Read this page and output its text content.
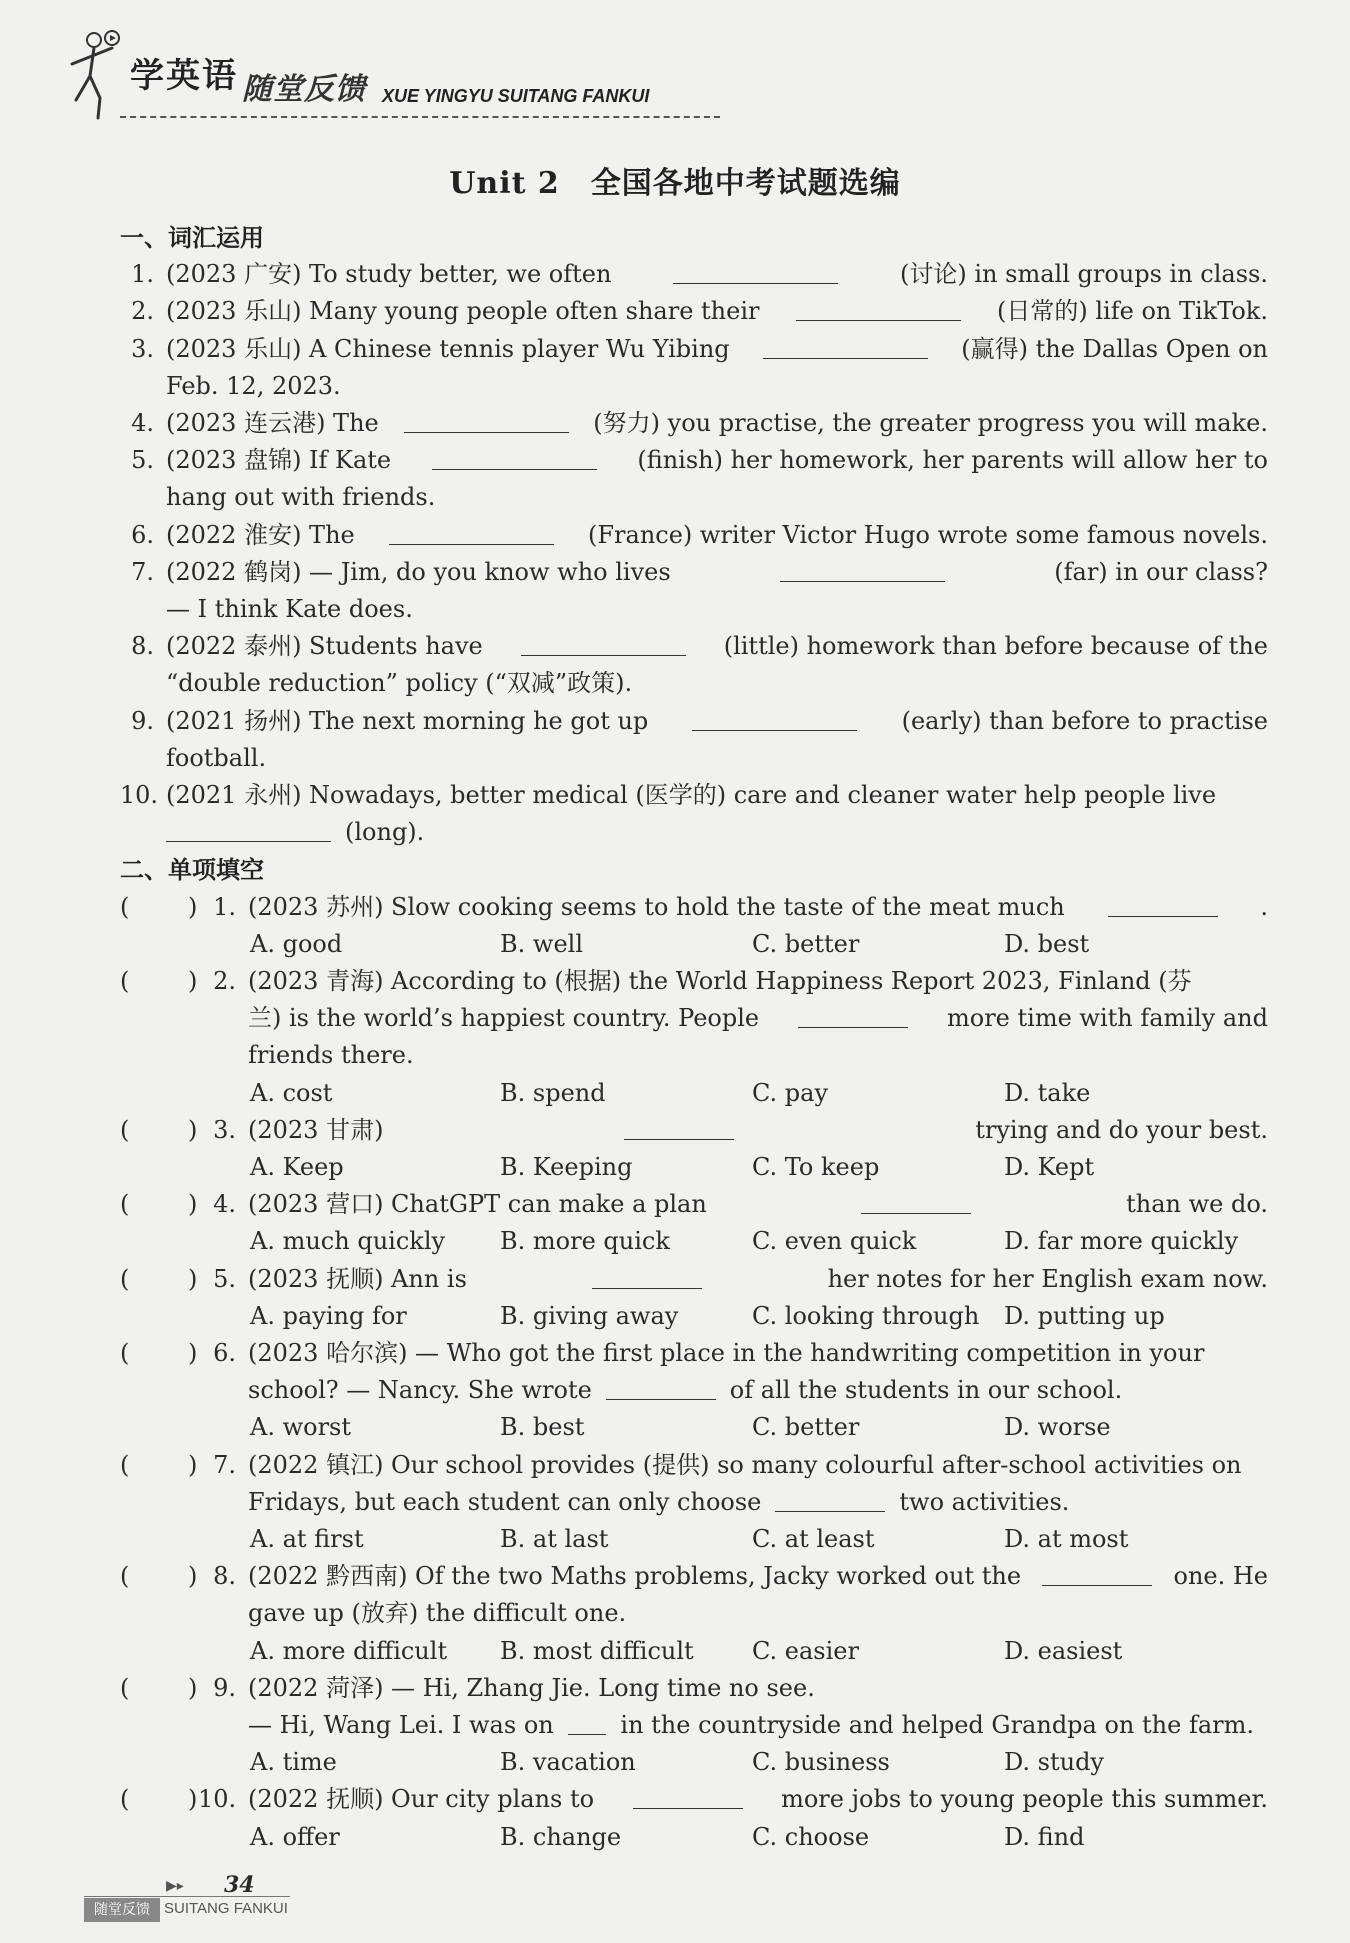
学英语 随堂反馈 XUE YINGYU SUITANG FANKUI
Unit 2　全国各地中考试题选编
一、词汇运用
1. (2023 广安) To study better, we often	(讨论) in small groups in class.
2. (2023 乐山) Many young people often share their	(日常的) life on TikTok.
3. (2023 乐山) A Chinese tennis player Wu Yibing	(赢得) the Dallas Open on
Feb. 12, 2023.
4. (2023 连云港) The	(努力) you practise, the greater progress you will make.
5. (2023 盘锦) If Kate	(finish) her homework, her parents will allow her to
hang out with friends.
6. (2022 淮安) The	(France) writer Victor Hugo wrote some famous novels.
7. (2022 鹤岗) — Jim, do you know who lives	(far) in our class?
— I think Kate does.
8. (2022 泰州) Students have	(little) homework than before because of the
“double reduction” policy (“双减”政策).
9. (2021 扬州) The next morning he got up	(early) than before to practise
football.
10. (2021 永州) Nowadays, better medical (医学的) care and cleaner water help people live
(long).
二、单项填空
( ) 1. (2023 苏州) Slow cooking seems to hold the taste of the meat much	.
A. good	B. well	C. better	D. best
( ) 2. (2023 青海) According to (根据) the World Happiness Report 2023, Finland (芬
兰) is the world’s happiest country. People	more time with family and
friends there.
A. cost	B. spend	C. pay	D. take
( ) 3. (2023 甘肃)	trying and do your best.
A. Keep	B. Keeping	C. To keep	D. Kept
( ) 4. (2023 营口) ChatGPT can make a plan	than we do.
A. much quickly B. more quick	C. even quick	D. far more quickly
( ) 5. (2023 抚顺) Ann is	her notes for her English exam now.
A. paying for	B. giving away	C. looking through D. putting up
( ) 6. (2023 哈尔滨) — Who got the first place in the handwriting competition in your
school? — Nancy. She wrote	of all the students in our school.
A. worst	B. best	C. better	D. worse
( ) 7. (2022 镇江) Our school provides (提供) so many colourful after-school activities on
Fridays, but each student can only choose	two activities.
A. at first	B. at last	C. at least	D. at most
( ) 8. (2022 黔西南) Of the two Maths problems, Jacky worked out the	one. He
gave up (放弃) the difficult one.
A. more difficult B. most difficult C. easier	D. easiest
( ) 9. (2022 菏泽) — Hi, Zhang Jie. Long time no see.
— Hi, Wang Lei. I was on	in the countryside and helped Grandpa on the farm.
A. time	B. vacation	C. business	D. study
( ) 10. (2022 抚顺) Our city plans to	more jobs to young people this summer.
A. offer	B. change	C. choose	D. find
▶▸ 34
随堂反馈 SUITANG FANKUI
